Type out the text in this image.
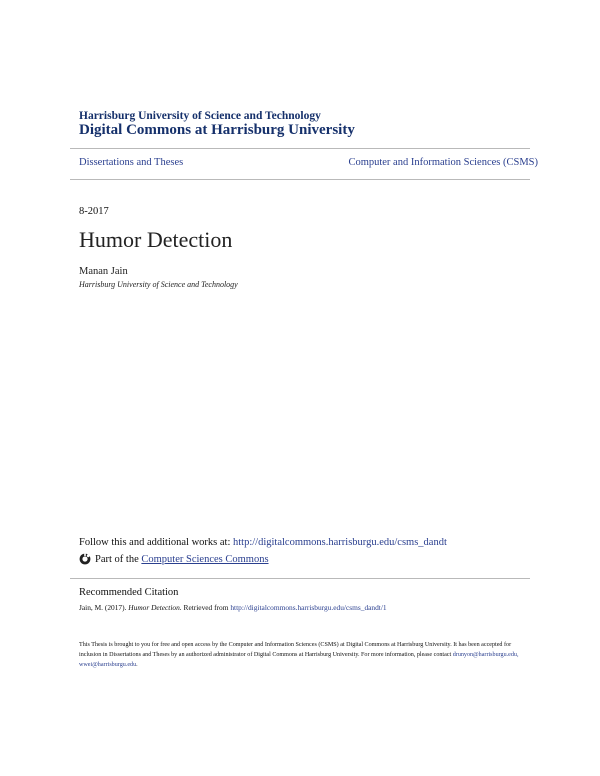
Harrisburg University of Science and Technology
Digital Commons at Harrisburg University
Dissertations and Theses	Computer and Information Sciences (CSMS)
8-2017
Humor Detection
Manan Jain
Harrisburg University of Science and Technology
Follow this and additional works at: http://digitalcommons.harrisburgu.edu/csms_dandt
Part of the
Computer Sciences Commons
Recommended Citation
Jain, M. (2017). Humor Detection. Retrieved from http://digitalcommons.harrisburgu.edu/csms_dandt/1
This Thesis is brought to you for free and open access by the Computer and Information Sciences (CSMS) at Digital Commons at Harrisburg University. It has been accepted for inclusion in Dissertations and Theses by an authorized administrator of Digital Commons at Harrisburg University. For more information, please contact drunyon@harrisburgu.edu, wwei@harrisburgu.edu.
